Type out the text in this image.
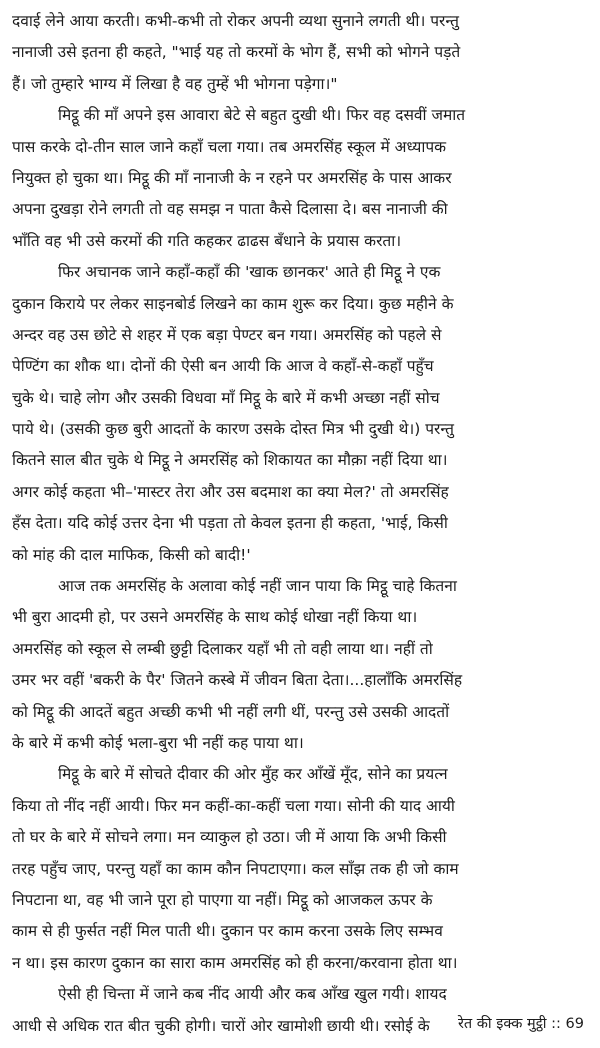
दवाई लेने आया करती। कभी-कभी तो रोकर अपनी व्यथा सुनाने लगती थी। परन्तु
नानाजी उसे इतना ही कहते, "भाई यह तो करमों के भोग हैं, सभी को भोगने पड़ते
हैं। जो तुम्हारे भाग्य में लिखा है वह तुम्हें भी भोगना पड़ेगा।"
मिट्ठू की माँ अपने इस आवारा बेटे से बहुत दुखी थी। फिर वह दसवीं जमात
पास करके दो-तीन साल जाने कहाँ चला गया। तब अमरसिंह स्कूल में अध्यापक
नियुक्त हो चुका था। मिट्ठू की माँ नानाजी के न रहने पर अमरसिंह के पास आकर
अपना दुखड़ा रोने लगती तो वह समझ न पाता कैसे दिलासा दे। बस नानाजी की
भाँति वह भी उसे करमों की गति कहकर ढाढस बँधाने के प्रयास करता।
फिर अचानक जाने कहाँ-कहाँ की 'खाक छानकर' आते ही मिट्ठू ने एक
दुकान किराये पर लेकर साइनबोर्ड लिखने का काम शुरू कर दिया। कुछ महीने के
अन्दर वह उस छोटे से शहर में एक बड़ा पेण्टर बन गया। अमरसिंह को पहले से
पेण्टिंग का शौक था। दोनों की ऐसी बन आयी कि आज वे कहाँ-से-कहाँ पहुँच
चुके थे। चाहे लोग और उसकी विधवा माँ मिट्ठू के बारे में कभी अच्छा नहीं सोच
पाये थे। (उसकी कुछ बुरी आदतों के कारण उसके दोस्त मित्र भी दुखी थे।) परन्तु
कितने साल बीत चुके थे मिट्ठू ने अमरसिंह को शिकायत का मौक़ा नहीं दिया था।
अगर कोई कहता भी–'मास्टर तेरा और उस बदमाश का क्या मेल?' तो अमरसिंह
हँस देता। यदि कोई उत्तर देना भी पड़ता तो केवल इतना ही कहता, 'भाई, किसी
को मांह की दाल माफिक, किसी को बादी!'
आज तक अमरसिंह के अलावा कोई नहीं जान पाया कि मिट्ठू चाहे कितना
भी बुरा आदमी हो, पर उसने अमरसिंह के साथ कोई धोखा नहीं किया था।
अमरसिंह को स्कूल से लम्बी छुट्टी दिलाकर यहाँ भी तो वही लाया था। नहीं तो
उमर भर वहीं 'बकरी के पैर' जितने कस्बे में जीवन बिता देता।...हालाँकि अमरसिंह
को मिट्ठू की आदतें बहुत अच्छी कभी भी नहीं लगी थीं, परन्तु उसे उसकी आदतों
के बारे में कभी कोई भला-बुरा भी नहीं कह पाया था।
मिट्ठू के बारे में सोचते दीवार की ओर मुँह कर आँखें मूँद, सोने का प्रयत्न
किया तो नींद नहीं आयी। फिर मन कहीं-का-कहीं चला गया। सोनी की याद आयी
तो घर के बारे में सोचने लगा। मन व्याकुल हो उठा। जी में आया कि अभी किसी
तरह पहुँच जाए, परन्तु यहाँ का काम कौन निपटाएगा। कल साँझ तक ही जो काम
निपटाना था, वह भी जाने पूरा हो पाएगा या नहीं। मिट्ठू को आजकल ऊपर के
काम से ही फुर्सत नहीं मिल पाती थी। दुकान पर काम करना उसके लिए सम्भव
न था। इस कारण दुकान का सारा काम अमरसिंह को ही करना/करवाना होता था।
ऐसी ही चिन्ता में जाने कब नींद आयी और कब आँख खुल गयी। शायद
आधी से अधिक रात बीत चुकी होगी। चारों ओर खामोशी छायी थी। रसोई के	रेत की इक्क मुट्ठी :: 69
